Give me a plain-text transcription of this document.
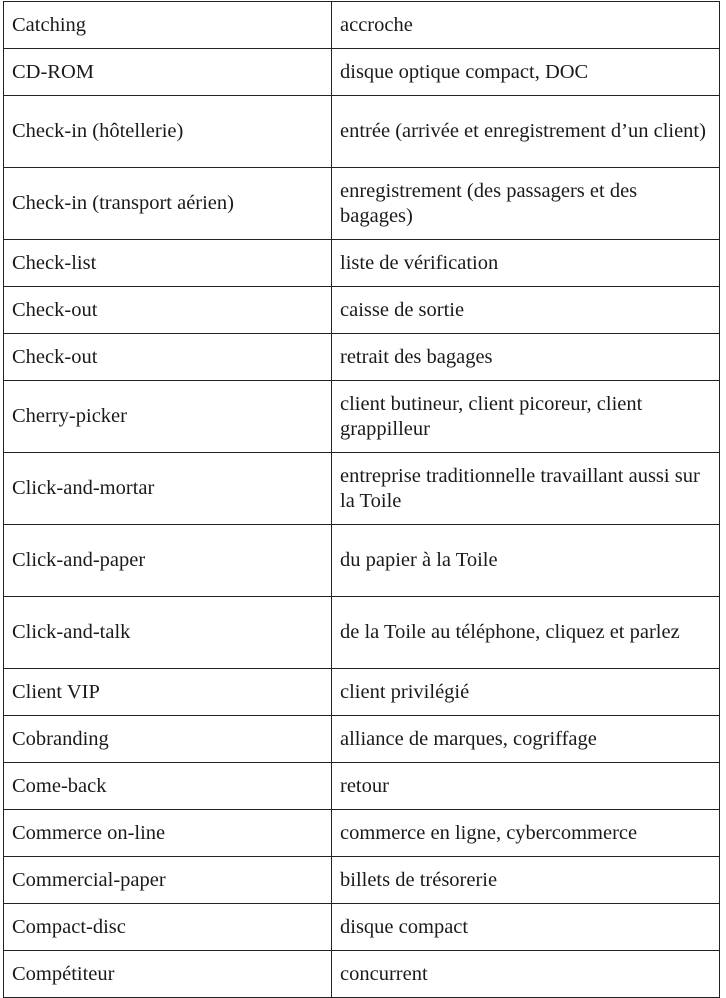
Catching	accroche
CD-ROM	disque optique compact, DOC
Check-in (hôtellerie)	entrée (arrivée et enregistrement d’un client)
Check-in (transport aérien)	enregistrement (des passagers et des bagages)
Check-list	liste de vérification
Check-out	caisse de sortie
Check-out	retrait des bagages
Cherry-picker	client butineur, client picoreur, client grappilleur
Click-and-mortar	entreprise traditionnelle travaillant aussi sur la Toile
Click-and-paper	du papier à la Toile
Click-and-talk	de la Toile au téléphone, cliquez et parlez
Client VIP	client privilégié
Cobranding	alliance de marques, cogriffage
Come-back	retour
Commerce on-line	commerce en ligne, cybercommerce
Commercial-paper	billets de trésorerie
Compact-disc	disque compact
Compétiteur	concurrent
